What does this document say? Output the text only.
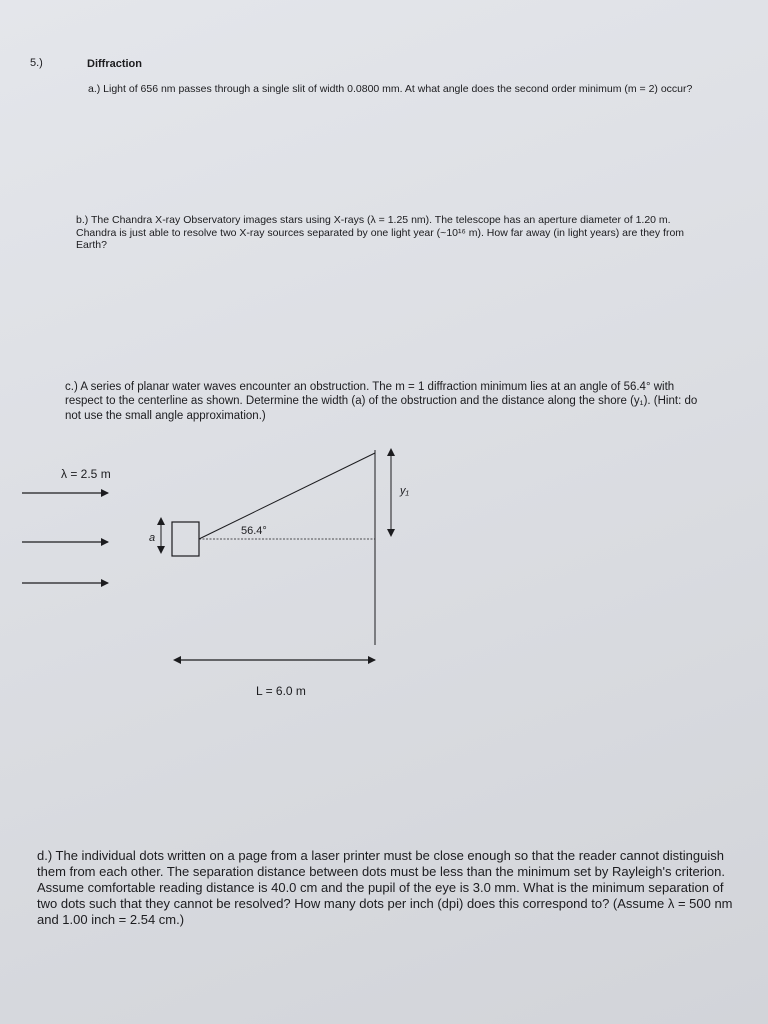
5.)	Diffraction

a.) Light of 656 nm passes through a single slit of width 0.0800 mm. At what angle does the second order minimum (m = 2) occur?

b.) The Chandra X-ray Observatory images stars using X-rays (λ = 1.25 nm). The telescope has an aperture diameter of 1.20 m. Chandra is just able to resolve two X-ray sources separated by one light year (~10¹⁶ m). How far away (in light years) are they from Earth?

c.) A series of planar water waves encounter an obstruction. The m = 1 diffraction minimum lies at an angle of 56.4° with respect to the centerline as shown. Determine the width (a) of the obstruction and the distance along the shore (y₁). (Hint: do not use the small angle approximation.)

λ = 2.5 m

y₁

a

56.4°

L = 6.0 m

d.) The individual dots written on a page from a laser printer must be close enough so that the reader cannot distinguish them from each other. The separation distance between dots must be less than the minimum set by Rayleigh's criterion. Assume comfortable reading distance is 40.0 cm and the pupil of the eye is 3.0 mm. What is the minimum separation of two dots such that they cannot be resolved? How many dots per inch (dpi) does this correspond to? (Assume λ = 500 nm and 1.00 inch = 2.54 cm.)
